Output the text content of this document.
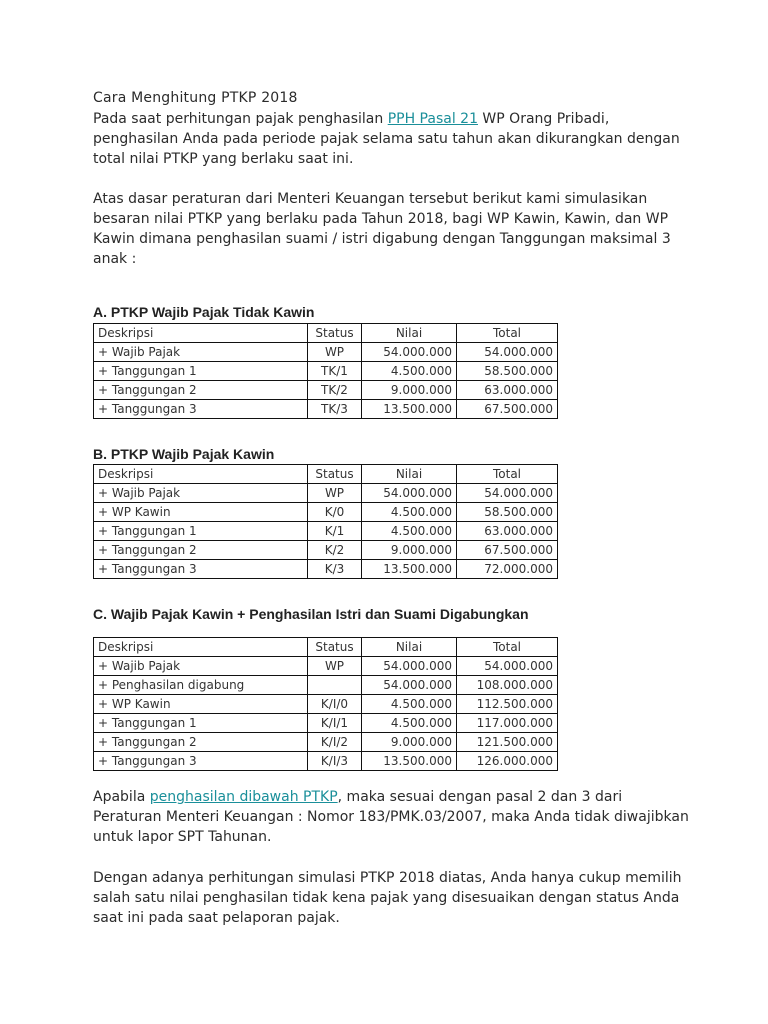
Cara Menghitung PTKP 2018
Pada saat perhitungan pajak penghasilan PPH Pasal 21 WP Orang Pribadi, penghasilan Anda pada periode pajak selama satu tahun akan dikurangkan dengan total nilai PTKP yang berlaku saat ini.
Atas dasar peraturan dari Menteri Keuangan tersebut berikut kami simulasikan besaran nilai PTKP yang berlaku pada Tahun 2018, bagi WP Kawin, Kawin, dan WP Kawin dimana penghasilan suami / istri digabung dengan Tanggungan maksimal 3 anak :
A. PTKP Wajib Pajak Tidak Kawin
Deskripsi	Status	Nilai	Total
+ Wajib Pajak	WP	54.000.000	54.000.000
+ Tanggungan 1	TK/1	4.500.000	58.500.000
+ Tanggungan 2	TK/2	9.000.000	63.000.000
+ Tanggungan 3	TK/3	13.500.000	67.500.000
B. PTKP Wajib Pajak Kawin
Deskripsi	Status	Nilai	Total
+ Wajib Pajak	WP	54.000.000	54.000.000
+ WP Kawin	K/0	4.500.000	58.500.000
+ Tanggungan 1	K/1	4.500.000	63.000.000
+ Tanggungan 2	K/2	9.000.000	67.500.000
+ Tanggungan 3	K/3	13.500.000	72.000.000
C. Wajib Pajak Kawin + Penghasilan Istri dan Suami Digabungkan
Deskripsi	Status	Nilai	Total
+ Wajib Pajak	WP	54.000.000	54.000.000
+ Penghasilan digabung		54.000.000	108.000.000
+ WP Kawin	K/I/0	4.500.000	112.500.000
+ Tanggungan 1	K/I/1	4.500.000	117.000.000
+ Tanggungan 2	K/I/2	9.000.000	121.500.000
+ Tanggungan 3	K/I/3	13.500.000	126.000.000
Apabila penghasilan dibawah PTKP, maka sesuai dengan pasal 2 dan 3 dari Peraturan Menteri Keuangan : Nomor 183/PMK.03/2007, maka Anda tidak diwajibkan untuk lapor SPT Tahunan.
Dengan adanya perhitungan simulasi PTKP 2018 diatas, Anda hanya cukup memilih salah satu nilai penghasilan tidak kena pajak yang disesuaikan dengan status Anda saat ini pada saat pelaporan pajak.
